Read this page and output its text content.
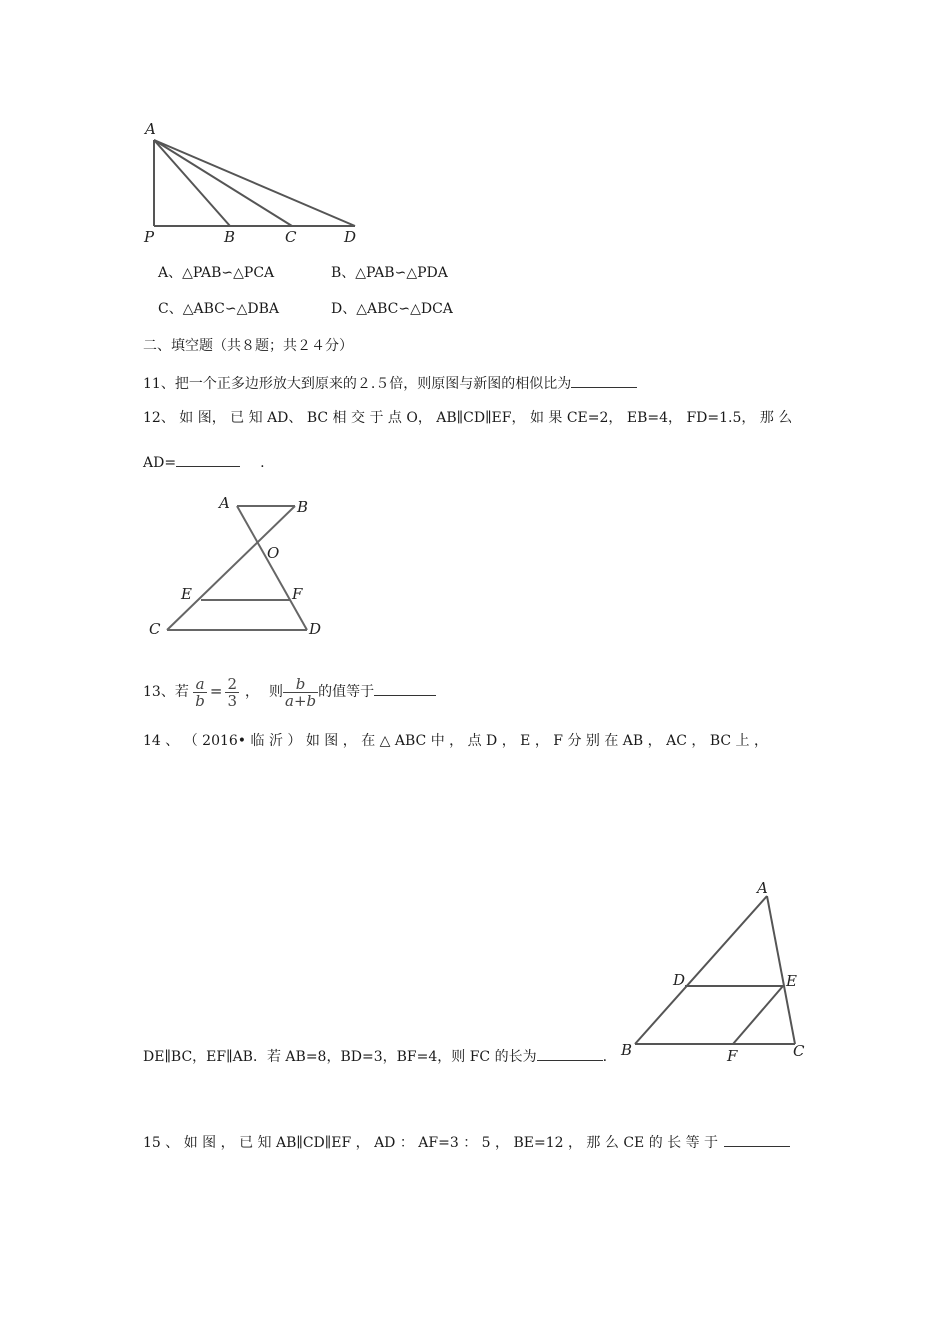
A
P	B	C	D
A、△PAB∽△PCA	B、△PAB∽△PDA
C、△ABC∽△DBA	D、△ABC∽△DCA
二、填空题（共８题；共２４分）
11、把一个正多边形放大到原来的２.５倍，则原图与新图的相似比为
12、 如 图， 已 知 AD、 BC 相 交 于 点 O， AB∥CD∥EF， 如 果 CE=2， EB=4， FD=1.5， 那 么
AD=	.
A	B
O
E	F
C	D
13、若 $\frac{a}{b} = \frac{2}{3}$ ， 则 $\frac{b}{a+b}$ 的值等于
14 、 （ 2016• 临 沂 ） 如 图 ， 在 △ ABC 中 ， 点 D ， E ， F 分 别 在 AB ， AC ， BC 上 ，
A
D	E
B	F	C
DE∥BC，EF∥AB．若 AB=8，BD=3，BF=4，则 FC 的长为	.
15 、 如 图 ， 已 知 AB∥CD∥EF ， AD ： AF=3 ： 5 ， BE=12 ， 那 么 CE 的 长 等 于
